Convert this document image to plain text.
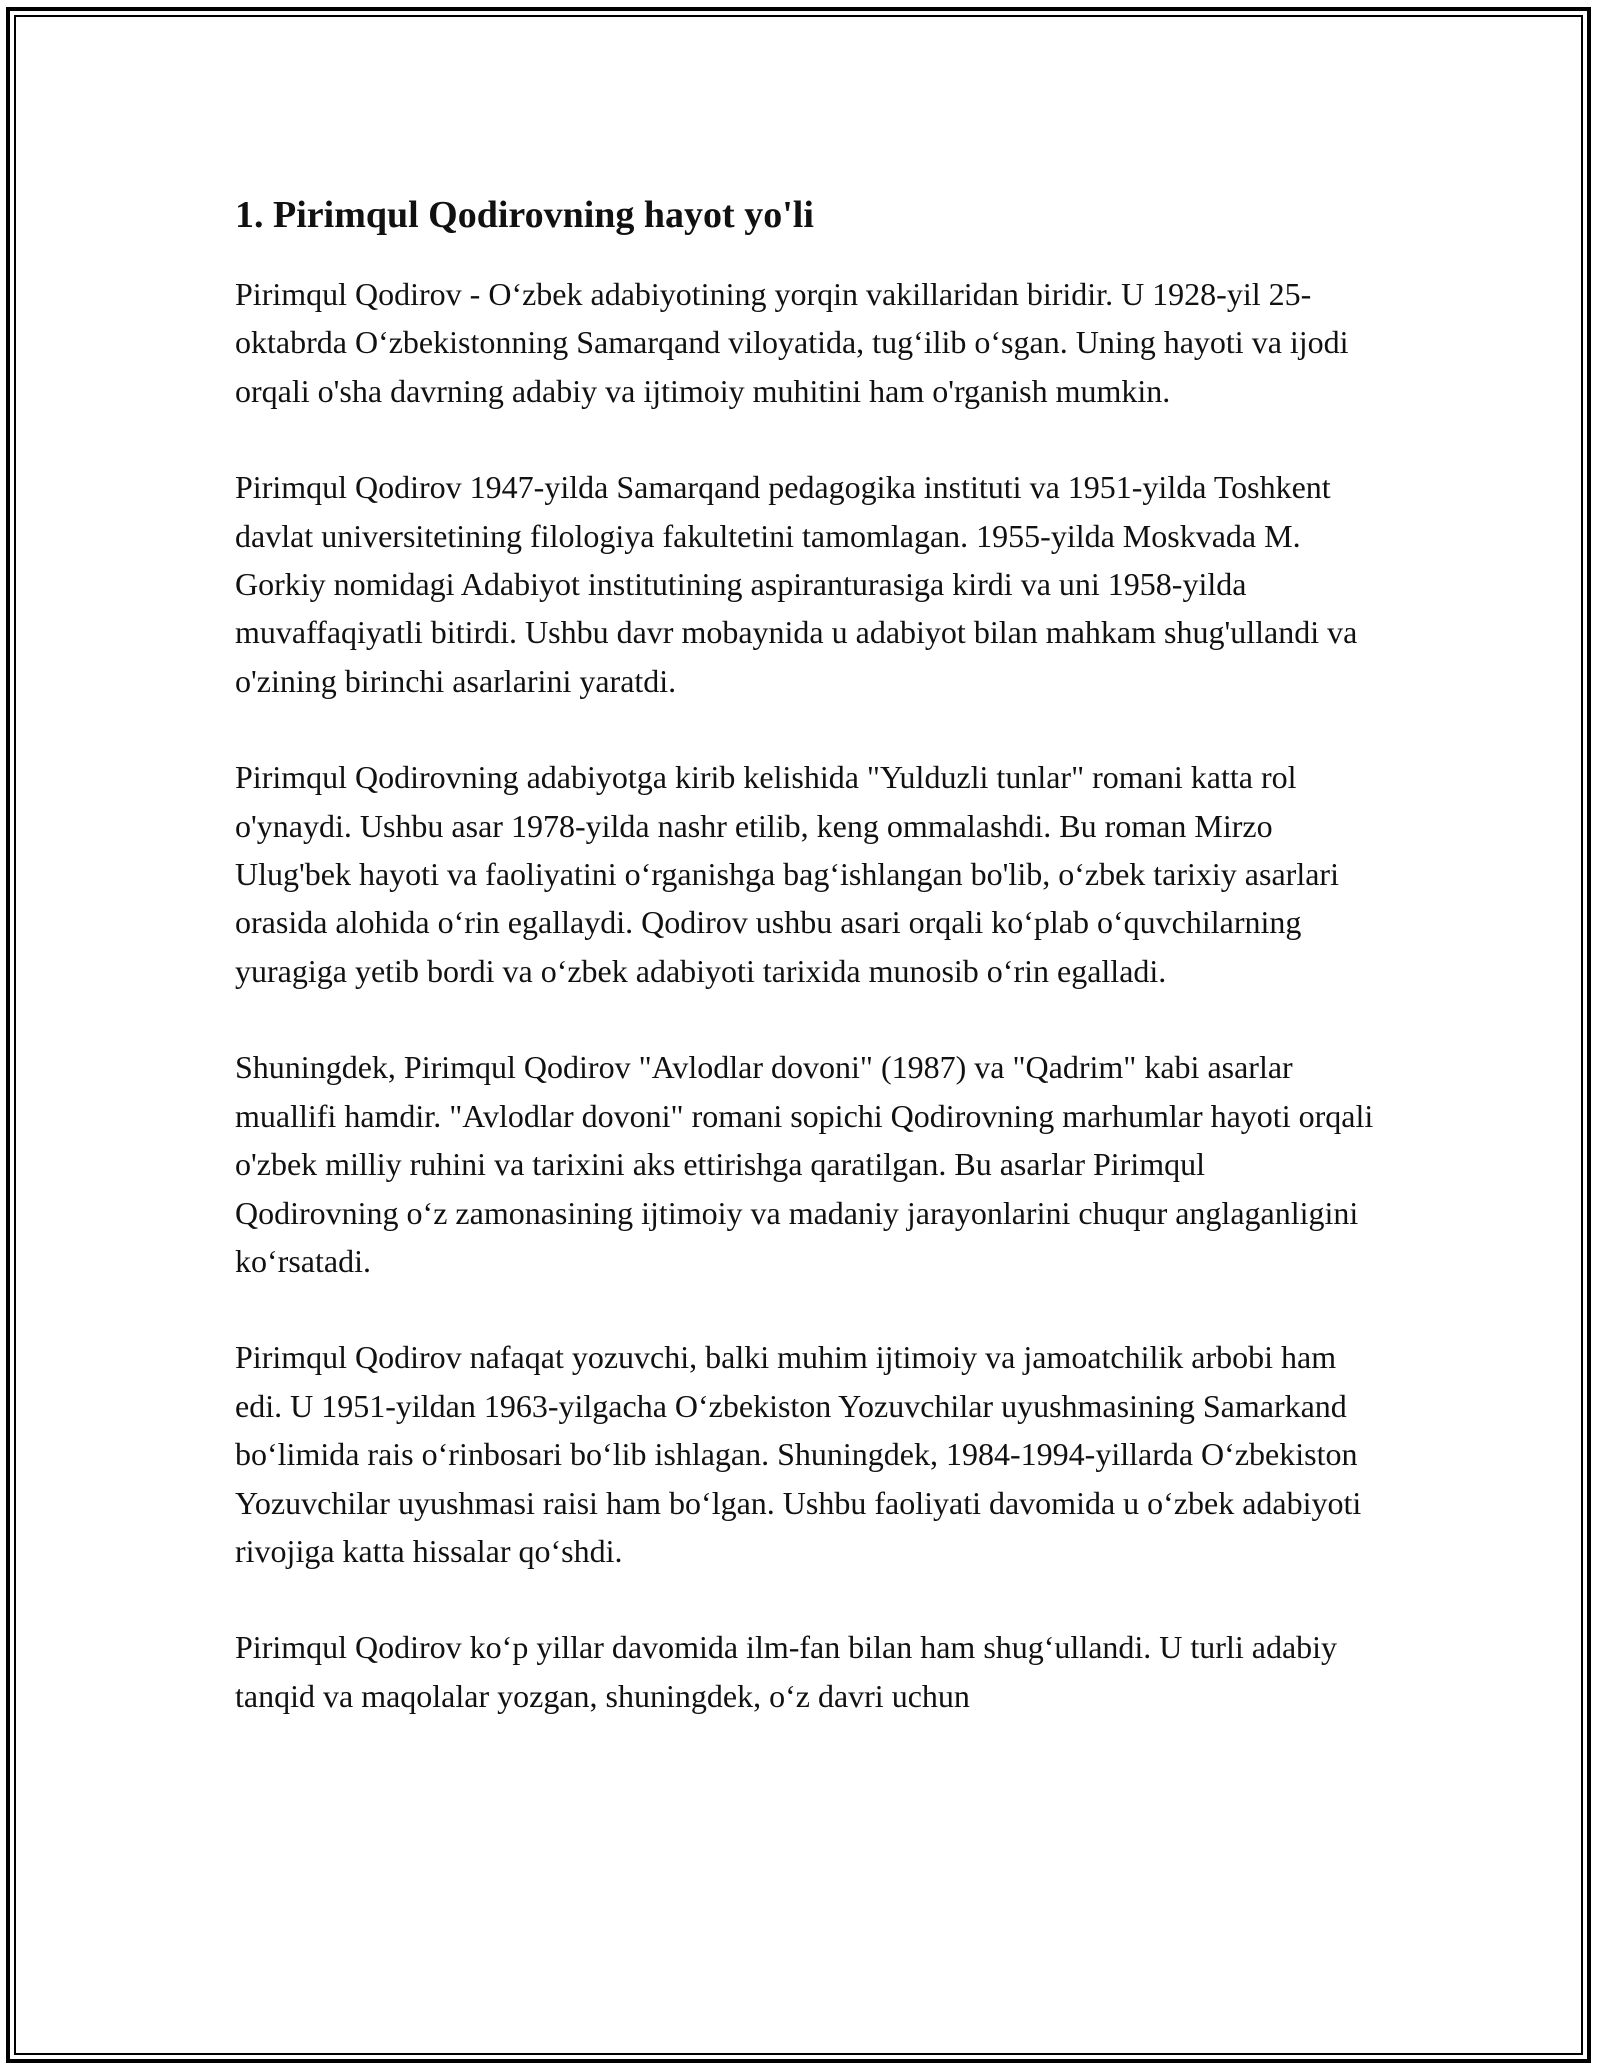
1. Pirimqul Qodirovning hayot yo'li

Pirimqul Qodirov - O‘zbek adabiyotining yorqin vakillaridan biridir. U 1928-yil 25-oktabrda O‘zbekistonning Samarqand viloyatida, tug‘ilib o‘sgan. Uning hayoti va ijodi orqali o'sha davrning adabiy va ijtimoiy muhitini ham o'rganish mumkin.

Pirimqul Qodirov 1947-yilda Samarqand pedagogika instituti va 1951-yilda Toshkent davlat universitetining filologiya fakultetini tamomlagan. 1955-yilda Moskvada M. Gorkiy nomidagi Adabiyot institutining aspiranturasiga kirdi va uni 1958-yilda muvaffaqiyatli bitirdi. Ushbu davr mobaynida u adabiyot bilan mahkam shug'ullandi va o'zining birinchi asarlarini yaratdi.

Pirimqul Qodirovning adabiyotga kirib kelishida "Yulduzli tunlar" romani katta rol o'ynaydi. Ushbu asar 1978-yilda nashr etilib, keng ommalashdi. Bu roman Mirzo Ulug'bek hayoti va faoliyatini o‘rganishga bag‘ishlangan bo'lib, o‘zbek tarixiy asarlari orasida alohida o‘rin egallaydi. Qodirov ushbu asari orqali ko‘plab o‘quvchilarning yuragiga yetib bordi va o‘zbek adabiyoti tarixida munosib o‘rin egalladi.

Shuningdek, Pirimqul Qodirov "Avlodlar dovoni" (1987) va "Qadrim" kabi asarlar muallifi hamdir. "Avlodlar dovoni" romani sopichi Qodirovning marhumlar hayoti orqali o'zbek milliy ruhini va tarixini aks ettirishga qaratilgan. Bu asarlar Pirimqul Qodirovning o‘z zamonasining ijtimoiy va madaniy jarayonlarini chuqur anglaganligini ko‘rsatadi.

Pirimqul Qodirov nafaqat yozuvchi, balki muhim ijtimoiy va jamoatchilik arbobi ham edi. U 1951-yildan 1963-yilgacha O‘zbekiston Yozuvchilar uyushmasining Samarkand bo‘limida rais o‘rinbosari bo‘lib ishlagan. Shuningdek, 1984-1994-yillarda O‘zbekiston Yozuvchilar uyushmasi raisi ham bo‘lgan. Ushbu faoliyati davomida u o‘zbek adabiyoti rivojiga katta hissalar qo‘shdi.

Pirimqul Qodirov ko‘p yillar davomida ilm-fan bilan ham shug‘ullandi. U turli adabiy tanqid va maqolalar yozgan, shuningdek, o‘z davri uchun
